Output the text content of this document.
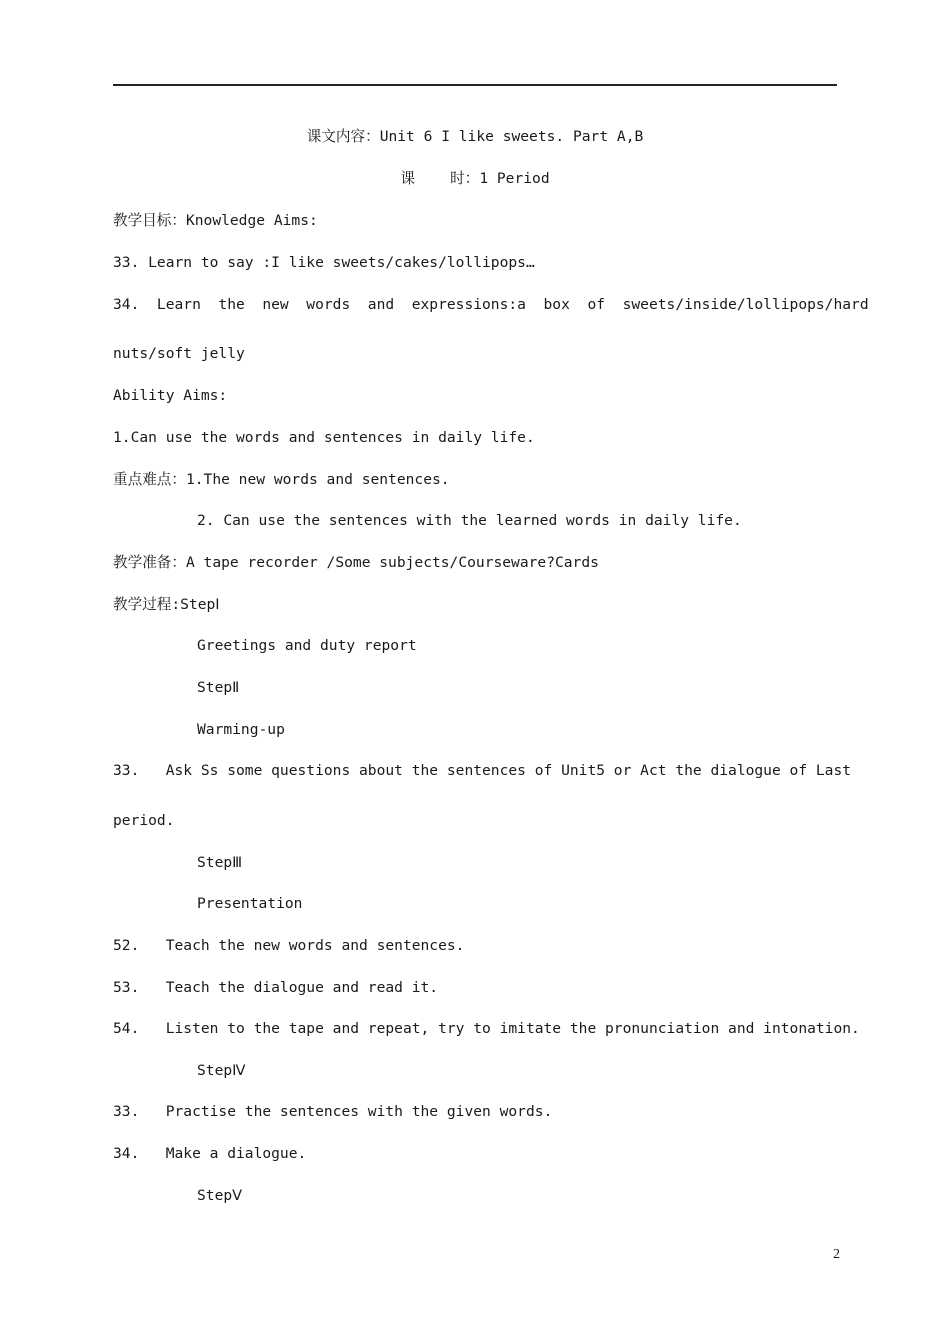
课文内容：Unit 6 I like sweets. Part A,B
课    时：1 Period
教学目标：Knowledge Aims:
33. Learn to say :I like sweets/cakes/lollipops…
34.  Learn  the  new  words  and  expressions:a  box  of  sweets/inside/lollipops/hard
nuts/soft jelly
Ability Aims:
1.Can use the words and sentences in daily life.
重点难点：1.The new words and sentences.
2. Can use the sentences with the learned words in daily life.
教学准备：A tape recorder /Some subjects/Courseware?Cards
教学过程:StepⅠ
Greetings and duty report
StepⅡ
Warming-up
33.   Ask Ss some questions about the sentences of Unit5 or Act the dialogue of Last
period.
StepⅢ
Presentation
52.   Teach the new words and sentences.
53.   Teach the dialogue and read it.
54.   Listen to the tape and repeat, try to imitate the pronunciation and intonation.
StepⅣ
33.   Practise the sentences with the given words.
34.   Make a dialogue.
StepⅤ
2
